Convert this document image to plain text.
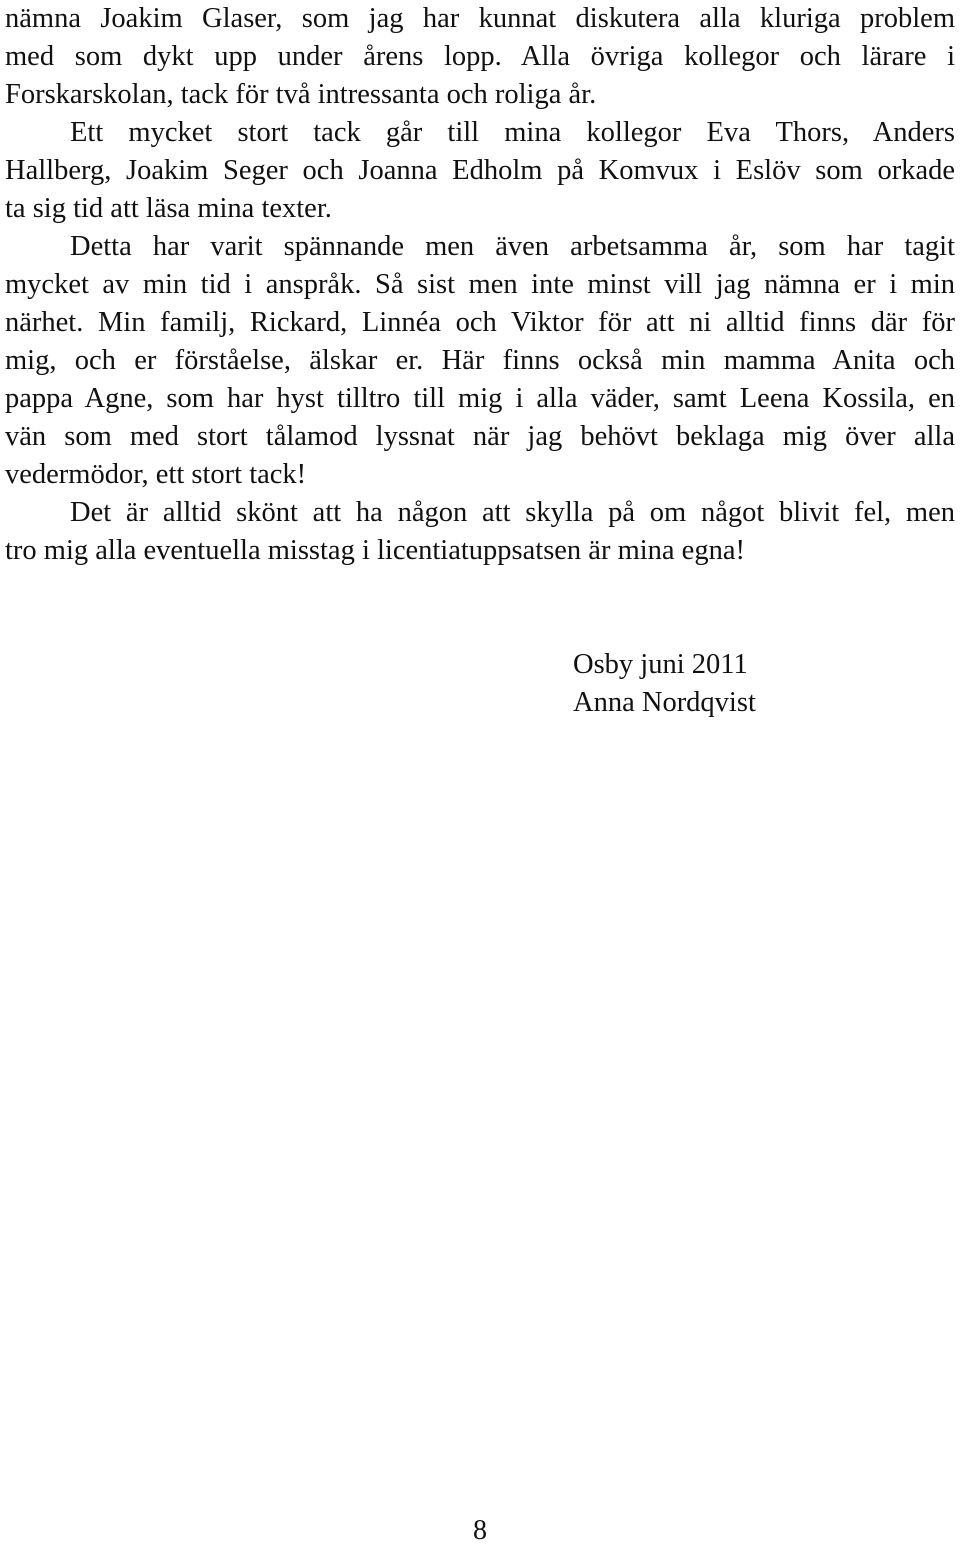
nämna Joakim Glaser, som jag har kunnat diskutera alla kluriga problem

med som dykt upp under årens lopp. Alla övriga kollegor och lärare i

Forskarskolan, tack för två intressanta och roliga år.

Ett mycket stort tack går till mina kollegor Eva Thors, Anders

Hallberg, Joakim Seger och Joanna Edholm på Komvux i Eslöv som orkade

ta sig tid att läsa mina texter.

Detta har varit spännande men även arbetsamma år, som har tagit

mycket av min tid i anspråk. Så sist men inte minst vill jag nämna er i min

närhet. Min familj, Rickard, Linnéa och Viktor för att ni alltid finns där för

mig, och er förståelse, älskar er. Här finns också min mamma Anita och

pappa Agne, som har hyst tilltro till mig i alla väder, samt Leena Kossila, en

vän som med stort tålamod lyssnat när jag behövt beklaga mig över alla

vedermödor, ett stort tack!

Det är alltid skönt att ha någon att skylla på om något blivit fel, men

tro mig alla eventuella misstag i licentiatuppsatsen är mina egna!

Osby juni 2011

Anna Nordqvist

8
